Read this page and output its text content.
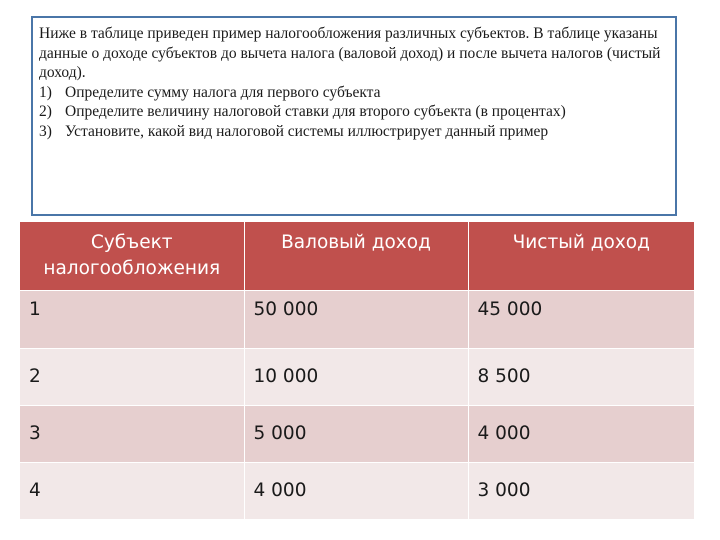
Ниже в таблице приведен пример налогообложения различных субъектов. В таблице указаны данные о доходе субъектов до вычета налога (валовой доход) и после вычета налогов (чистый доход).

1) Определите сумму налога для первого субъекта
2) Определите величину налоговой ставки для второго субъекта (в процентах)
3) Установите, какой вид налоговой системы иллюстрирует данный пример
Субъект налогообложения	Валовый доход	Чистый доход
1	50 000	45 000
2	10 000	8 500
3	5 000	4 000
4	4 000	3 000
